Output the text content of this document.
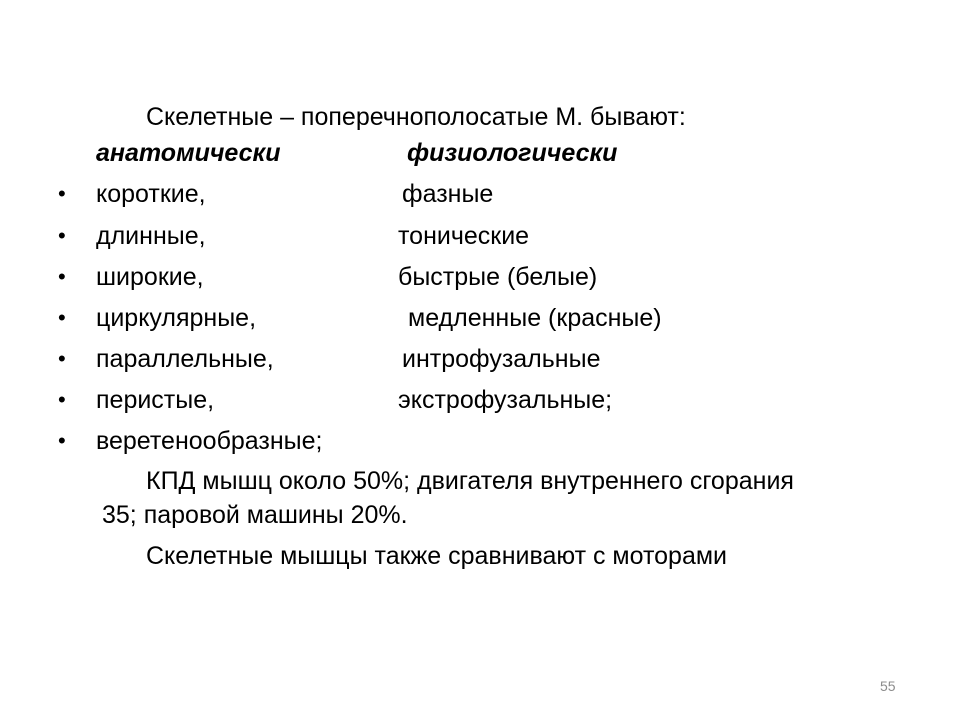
Скелетные – поперечнополосатые М. бывают:
анатомически	физиологически
• короткие,	фазные
• длинные,	тонические
• широкие,	быстрые (белые)
• циркулярные,	медленные (красные)
• параллельные,	интрофузальные
• перистые,	экстрофузальные;
• веретенообразные;
КПД мышц около 50%; двигателя внутреннего сгорания
35; паровой машины 20%.
Скелетные мышцы также сравнивают с моторами
55
